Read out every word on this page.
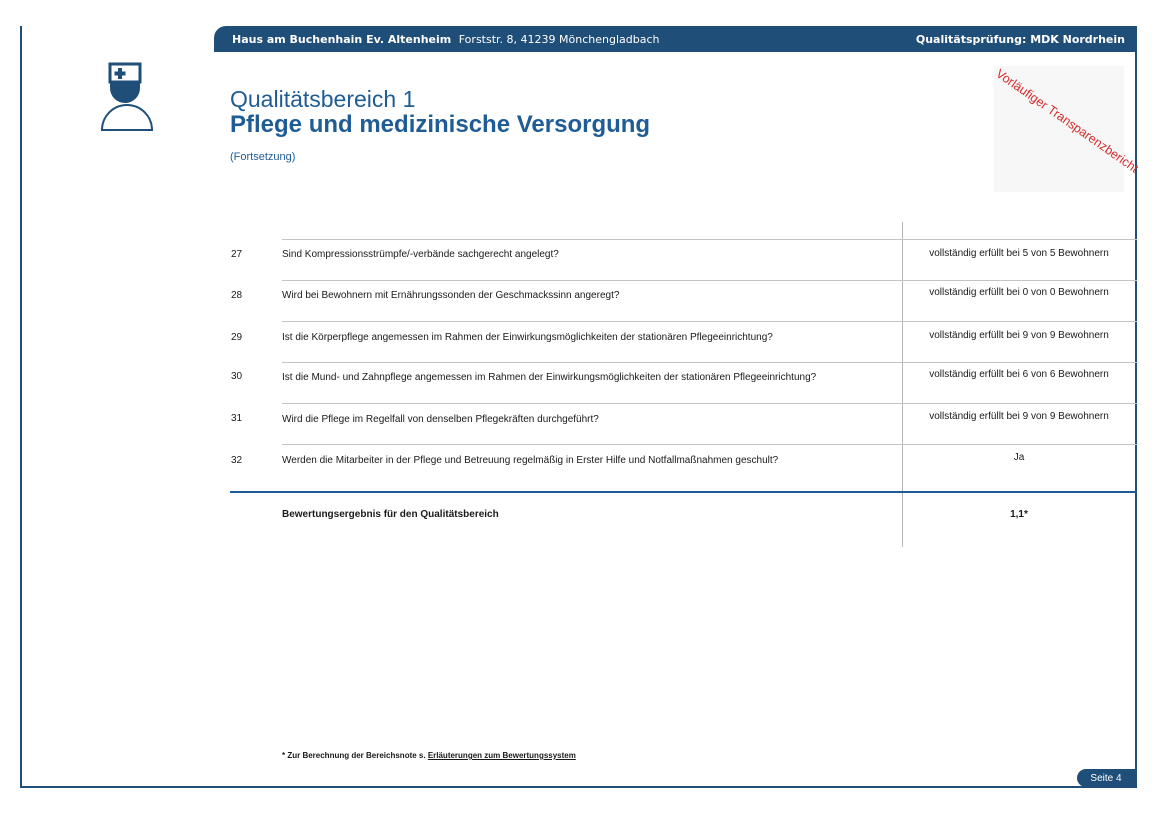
Haus am Buchenhain Ev. Altenheim Forststr. 8, 41239 Mönchengladbach	Qualitätsprüfung: MDK Nordrhein
Qualitätsbereich 1
Pflege und medizinische Versorgung
(Fortsetzung)	Vorläufiger Transparenzbericht
27	Sind Kompressionsstrümpfe/-verbände sachgerecht angelegt?	vollständig erfüllt bei 5 von 5 Bewohnern
28	Wird bei Bewohnern mit Ernährungssonden der Geschmackssinn angeregt?	vollständig erfüllt bei 0 von 0 Bewohnern
29	Ist die Körperpflege angemessen im Rahmen der Einwirkungsmöglichkeiten der stationären Pflegeeinrichtung?	vollständig erfüllt bei 9 von 9 Bewohnern
30	Ist die Mund- und Zahnpflege angemessen im Rahmen der Einwirkungsmöglichkeiten der stationären Pflegeeinrichtung?	vollständig erfüllt bei 6 von 6 Bewohnern
31	Wird die Pflege im Regelfall von denselben Pflegekräften durchgeführt?	vollständig erfüllt bei 9 von 9 Bewohnern
32	Werden die Mitarbeiter in der Pflege und Betreuung regelmäßig in Erster Hilfe und Notfallmaßnahmen geschult?	Ja
Bewertungsergebnis für den Qualitätsbereich	1,1*
* Zur Berechnung der Bereichsnote s. Erläuterungen zum Bewertungssystem
Seite 4
